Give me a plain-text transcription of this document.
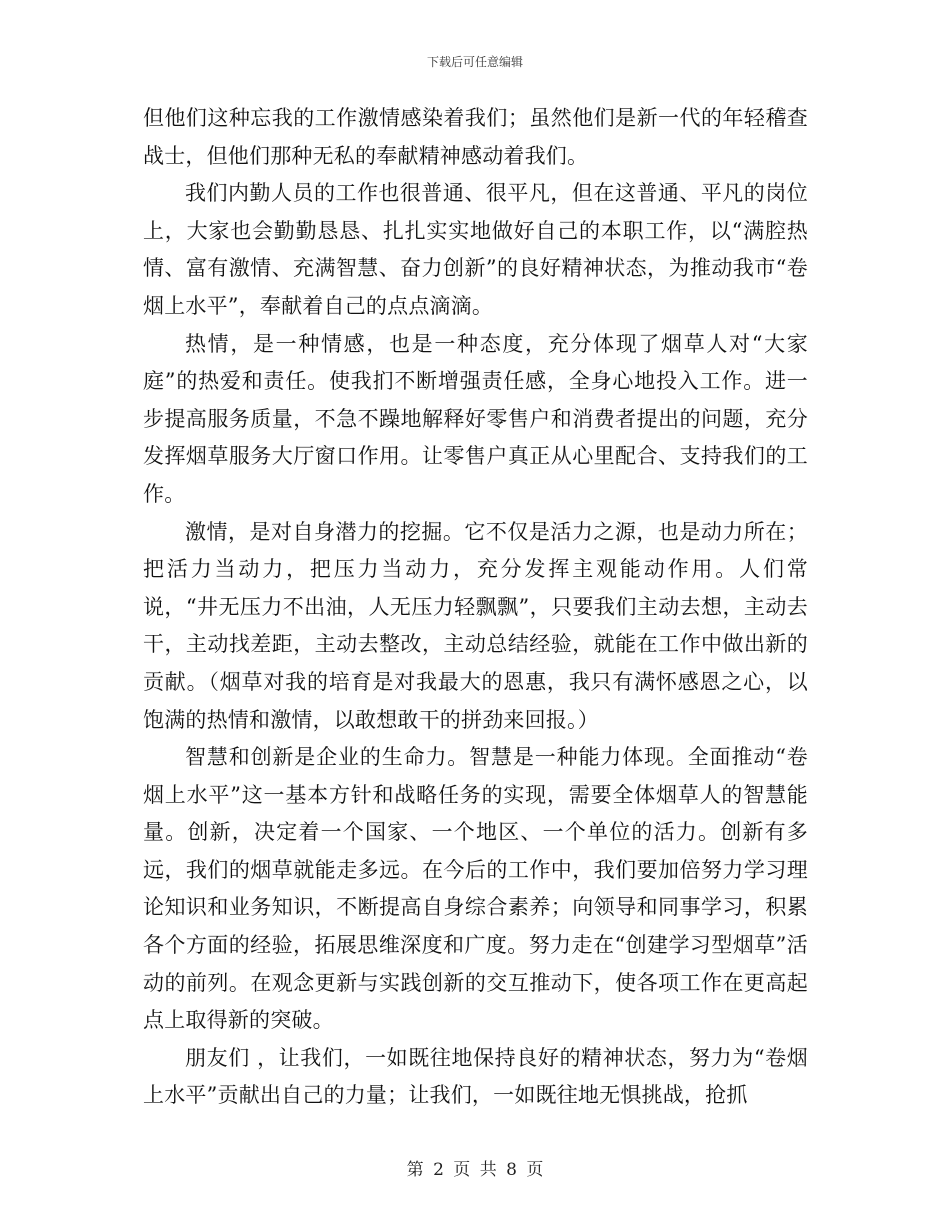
下载后可任意编辑

但他们这种忘我的工作激情感染着我们；虽然他们是新一代的年轻稽查战士，但他们那种无私的奉献精神感动着我们。

我们内勤人员的工作也很普通、很平凡，但在这普通、平凡的岗位上，大家也会勤勤恳恳、扎扎实实地做好自己的本职工作，以“满腔热情、富有激情、充满智慧、奋力创新”的良好精神状态，为推动我市“卷烟上水平”，奉献着自己的点点滴滴。

热情，是一种情感，也是一种态度，充分体现了烟草人对“大家庭”的热爱和责任。使我扪不断增强责任感，全身心地投入工作。进一步提高服务质量，不急不躁地解释好零售户和消费者提出的问题，充分发挥烟草服务大厅窗口作用。让零售户真正从心里配合、支持我们的工作。

激情，是对自身潜力的挖掘。它不仅是活力之源，也是动力所在；把活力当动力，把压力当动力，充分发挥主观能动作用。人们常说，“井无压力不出油，人无压力轻飘飘”，只要我们主动去想，主动去干，主动找差距，主动去整改，主动总结经验，就能在工作中做出新的贡献。（烟草对我的培育是对我最大的恩惠，我只有满怀感恩之心，以饱满的热情和激情，以敢想敢干的拼劲来回报。）

智慧和创新是企业的生命力。智慧是一种能力体现。全面推动“卷烟上水平”这一基本方针和战略任务的实现，需要全体烟草人的智慧能量。创新，决定着一个国家、一个地区、一个单位的活力。创新有多远，我们的烟草就能走多远。在今后的工作中，我们要加倍努力学习理论知识和业务知识，不断提高自身综合素养；向领导和同事学习，积累各个方面的经验，拓展思维深度和广度。努力走在“创建学习型烟草”活动的前列。在观念更新与实践创新的交互推动下，使各项工作在更高起点上取得新的突破。

朋友们 ，让我们，一如既往地保持良好的精神状态，努力为“卷烟上水平”贡献出自己的力量；让我们，一如既往地无惧挑战，抢抓

第 2 页 共 8 页
